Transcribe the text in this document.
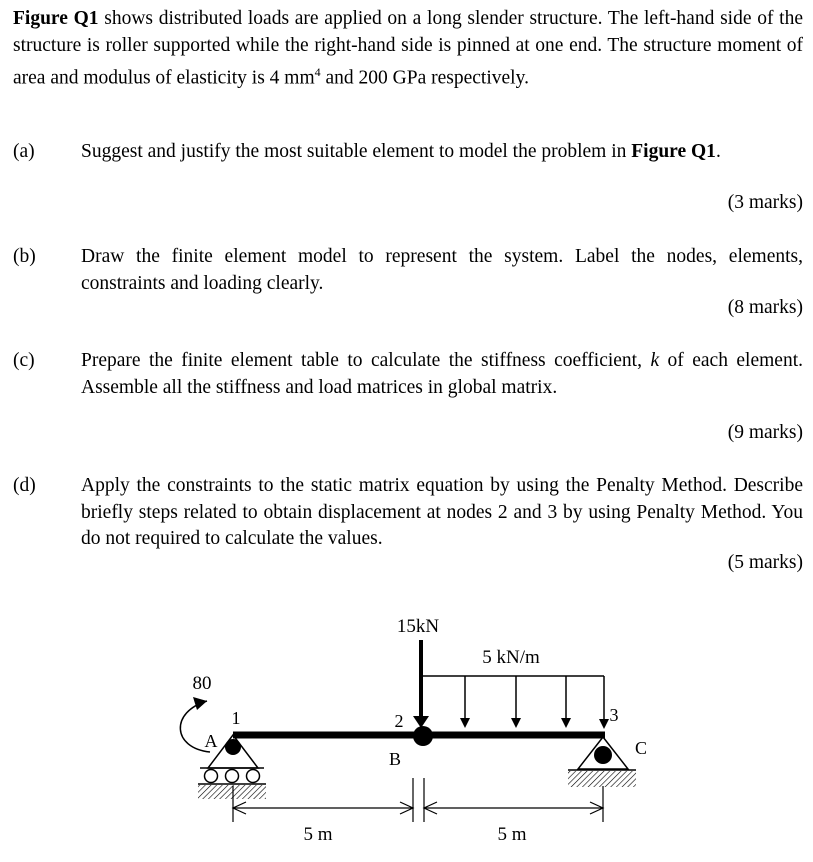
Figure Q1 shows distributed loads are applied on a long slender structure. The left-hand side of the structure is roller supported while the right-hand side is pinned at one end. The structure moment of area and modulus of elasticity is 4 $mm^4$ and 200 GPa respectively.
(a) Suggest and justify the most suitable element to model the problem in Figure Q1.
(3 marks)
(b) Draw the finite element model to represent the system. Label the nodes, elements, constraints and loading clearly.
(8 marks)
(c) Prepare the finite element table to calculate the stiffness coefficient, k of each element. Assemble all the stiffness and load matrices in global matrix.
(9 marks)
(d) Apply the constraints to the static matrix equation by using the Penalty Method. Describe briefly steps related to obtain displacement at nodes 2 and 3 by using Penalty Method. You do not required to calculate the values.
(5 marks)
15kN
5 kN/m
80
1	2	3
A
B
C
5 m	5 m
